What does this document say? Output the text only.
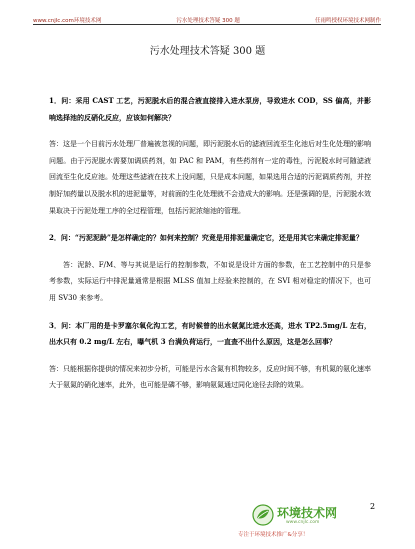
www.cnjlc.com环境技术网	污水处理技术答疑 300 题	任雨鸣授权环境技术网制作
污水处理技术答疑 300 题

1．问：采用 CAST 工艺，污泥脱水后的混合液直接排入进水泵房，导致进水 COD，SS 偏高，并影响选择池的反硝化反应，应该如何解决？

答：这是一个目前污水处理厂普遍被忽视的问题，即污泥脱水后的滤液回流至生化池后对生化处理的影响问题。由于污泥脱水需要加调质药剂，如 PAC 和 PAM，有些药剂有一定的毒性，污泥脱水时可随滤液回流至生化反应池。处理这些滤液在技术上没问题，只是成本问题，如果选用合适的污泥调质药剂，并控制好加药量以及脱水机的进泥量等，对前面的生化处理就不会造成大的影响。还是强调的是，污泥脱水效果取决于污泥处理工序的全过程管理，包括污泥浓缩池的管理。

2．问：“污泥泥龄”是怎样确定的？如何来控制？究竟是用排泥量确定它，还是用其它来确定排泥量？

答：泥龄、F/M、等与其说是运行的控制参数，不如说是设计方面的参数，在工艺控制中的只是参考参数，实际运行中排泥量通常是根据 MLSS 值加上经验来控制的，在 SVI 相对稳定的情况下，也可用 SV30 来参考。

3．问：本厂用的是卡罗塞尔氧化沟工艺，有时候曾的出水氨氮比进水还高，进水 TP2.5mg/L 左右，出水只有 0.2 mg/L 左右，曝气机 3 台满负荷运行，一直查不出什么原因，这是怎么回事？

答：只能根据你提供的情况来初步分析，可能是污水含氮有机物较多，反应时间不够，有机氮的氨化速率大于氨氮的硝化速率，此外，也可能是磷不够，影响氨氮通过同化途径去除的效果。

环境技术网
www.cnjlc.com
专注于环境技术推广&分享！
2
